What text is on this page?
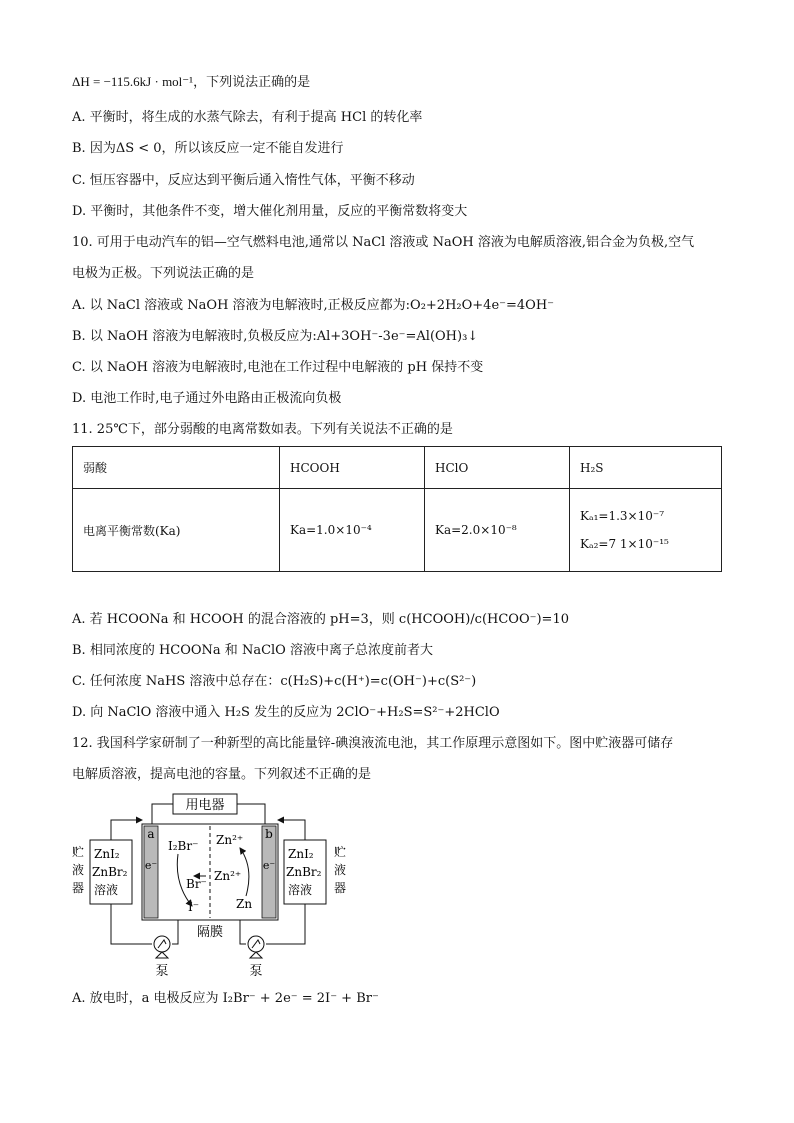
ΔH = −115.6kJ · mol⁻¹，下列说法正确的是
A. 平衡时，将生成的水蒸气除去，有利于提高 HCl 的转化率
B. 因为ΔS < 0，所以该反应一定不能自发进行
C. 恒压容器中，反应达到平衡后通入惰性气体，平衡不移动
D. 平衡时，其他条件不变，增大催化剂用量，反应的平衡常数将变大
10. 可用于电动汽车的铝—空气燃料电池,通常以 NaCl 溶液或 NaOH 溶液为电解质溶液,铝合金为负极,空气
电极为正极。下列说法正确的是
A. 以 NaCl 溶液或 NaOH 溶液为电解液时,正极反应都为:O₂+2H₂O+4e⁻=4OH⁻
B. 以 NaOH 溶液为电解液时,负极反应为:Al+3OH⁻-3e⁻=Al(OH)₃↓
C. 以 NaOH 溶液为电解液时,电池在工作过程中电解液的 pH 保持不变
D. 电池工作时,电子通过外电路由正极流向负极
11. 25℃下，部分弱酸的电离常数如表。下列有关说法不正确的是
弱酸	HCOOH	HClO	H₂S
电离平衡常数(Ka)	Ka=1.0×10⁻⁴	Ka=2.0×10⁻⁸	Kₐ₁=1.3×10⁻⁷
Kₐ₂=7 1×10⁻¹⁵
A. 若 HCOONa 和 HCOOH 的混合溶液的 pH=3，则 c(HCOOH)/c(HCOO⁻)=10
B. 相同浓度的 HCOONa 和 NaClO 溶液中离子总浓度前者大
C. 任何浓度 NaHS 溶液中总存在：c(H₂S)+c(H⁺)=c(OH⁻)+c(S²⁻)
D. 向 NaClO 溶液中通入 H₂S 发生的反应为 2ClO⁻+H₂S=S²⁻+2HClO
12. 我国科学家研制了一种新型的高比能量锌-碘溴液流电池，其工作原理示意图如下。图中贮液器可储存
电解质溶液，提高电池的容量。下列叙述不正确的是
用电器
a
e⁻
b
e⁻
I₂Br⁻
Br⁻
I⁻
Zn²⁺
Zn²⁺
Zn
ZnI₂
ZnBr₂
溶液
贮
液
器
ZnI₂
ZnBr₂
溶液
贮
液
器
隔膜
泵	泵
A. 放电时，a 电极反应为 I₂Br⁻ + 2e⁻ = 2I⁻ + Br⁻
